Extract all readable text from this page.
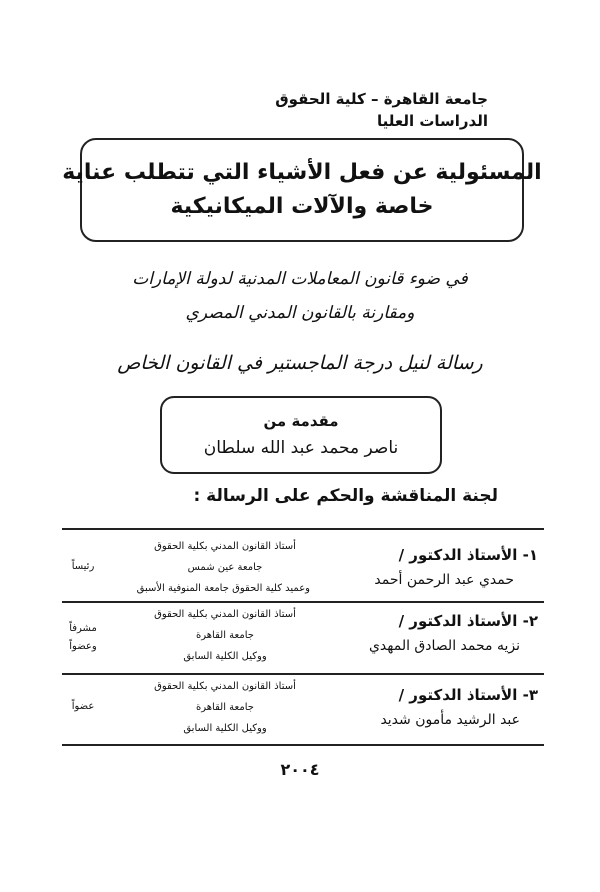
جامعة القاهرة – كلية الحقوق
الدراسات العليا
المسئولية عن فعل الأشياء التي تتطلب عناية
خاصة والآلات الميكانيكية
في ضوء قانون المعاملات المدنية لدولة الإمارات
ومقارنة بالقانون المدني المصري
رسالة لنيل درجة الماجستير في القانون الخاص
مقدمة من
ناصر محمد عبد الله سلطان
لجنة المناقشة والحكم على الرسالة :
١- الأستاذ الدكتور /
حمدي عبد الرحمن أحمد
أستاذ القانون المدني بكلية الحقوق
جامعة عين شمس
وعميد كلية الحقوق جامعة المنوفية الأسبق
رئيساً
٢- الأستاذ الدكتور /
نزيه محمد الصادق المهدي
أستاذ القانون المدني بكلية الحقوق
جامعة القاهرة
ووكيل الكلية السابق
مشرفاً
وعضواً
٣- الأستاذ الدكتور /
عبد الرشيد مأمون شديد
أستاذ القانون المدني بكلية الحقوق
جامعة القاهرة
ووكيل الكلية السابق
عضواً
٢٠٠٤
